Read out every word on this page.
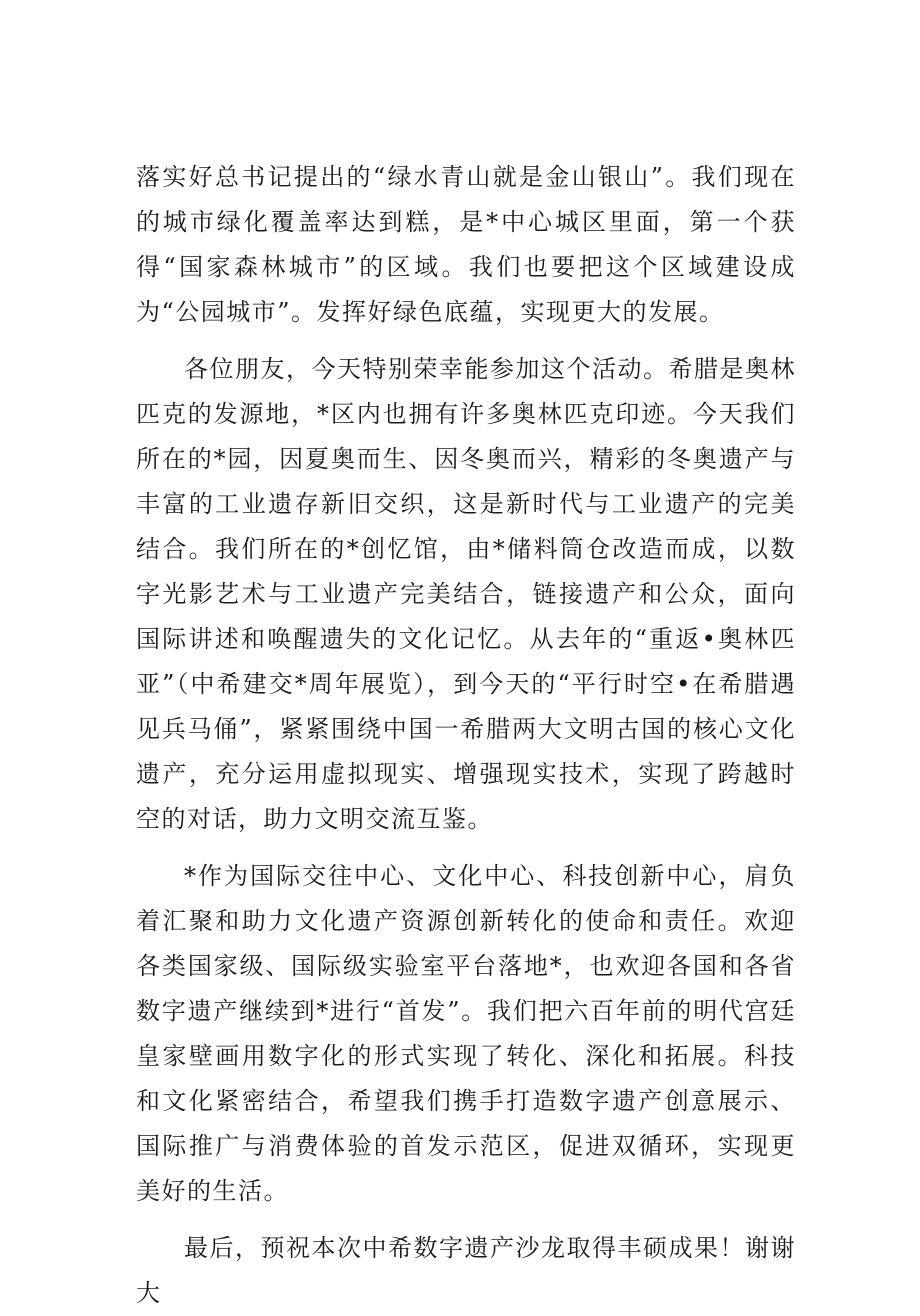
落实好总书记提出的“绿水青山就是金山银山”。我们现在的城市绿化覆盖率达到糕，是*中心城区里面，第一个获得“国家森林城市”的区域。我们也要把这个区域建设成为“公园城市”。发挥好绿色底蕴，实现更大的发展。

各位朋友，今天特别荣幸能参加这个活动。希腊是奥林匹克的发源地，*区内也拥有许多奥林匹克印迹。今天我们所在的*园，因夏奥而生、因冬奥而兴，精彩的冬奥遗产与丰富的工业遗存新旧交织，这是新时代与工业遗产的完美结合。我们所在的*创忆馆，由*储料筒仓改造而成，以数字光影艺术与工业遗产完美结合，链接遗产和公众，面向国际讲述和唤醒遗失的文化记忆。从去年的“重返•奥林匹亚”（中希建交*周年展览），到今天的“平行时空•在希腊遇见兵马俑”，紧紧围绕中国一希腊两大文明古国的核心文化遗产，充分运用虚拟现实、增强现实技术，实现了跨越时空的对话，助力文明交流互鉴。

*作为国际交往中心、文化中心、科技创新中心，肩负着汇聚和助力文化遗产资源创新转化的使命和责任。欢迎各类国家级、国际级实验室平台落地*，也欢迎各国和各省数字遗产继续到*进行“首发”。我们把六百年前的明代宫廷皇家壁画用数字化的形式实现了转化、深化和拓展。科技和文化紧密结合，希望我们携手打造数字遗产创意展示、国际推广与消费体验的首发示范区，促进双循环，实现更美好的生活。

最后，预祝本次中希数字遗产沙龙取得丰硕成果！谢谢大
